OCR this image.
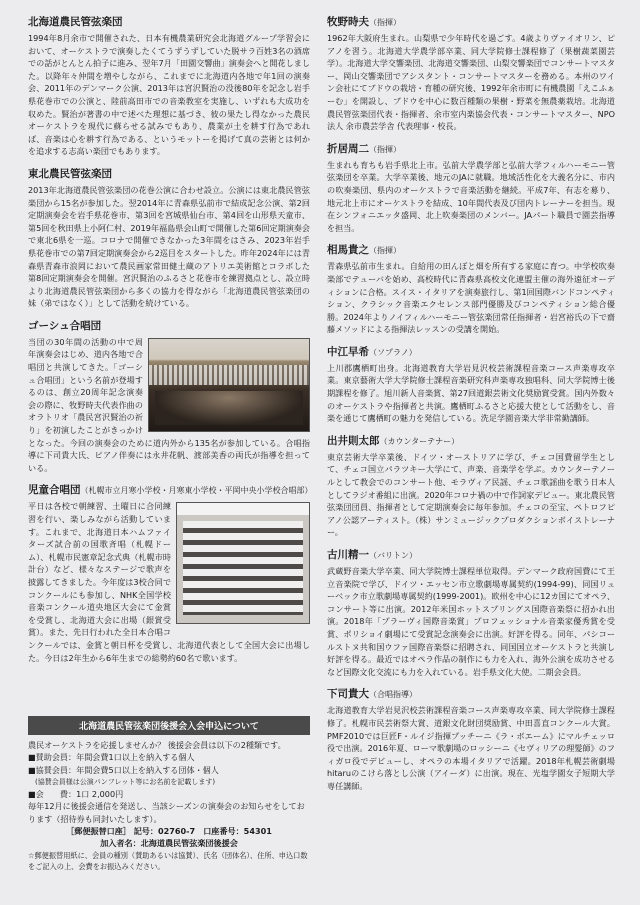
北海道農民管弦楽団

1994年8月余市で開催された、日本有機農業研究会北海道グループ学習会において、オーケストラで演奏したくてうずうずしていた脱サラ百姓3名の酒席での話がとんとん拍子に進み、翌年7月「田園交響曲」演奏会へと開花しました。以降年々仲間を増やしながら、これまでに北海道内各地で年1回の演奏会、2011年のデンマーク公演、2013年は宮沢賢治の没後80年を記念し岩手県花巻市での公演と、陸前高田市での音楽教室を実施し、いずれも大成功を収めた。賢治が著書の中で述べた理想に基づき、彼の果たし得なかった農民オーケストラを現代に蘇らせる試みでもあり、農業が土を耕す行為であれば、音楽は心を耕す行為である、というモットーを掲げて真の芸術とは何かを追求する志高い楽団でもあります。

東北農民管弦楽団

2013年北海道農民管弦楽団の花巻公演に合わせ設立。公演には東北農民管弦楽団から15名が参加した。翌2014年に青森県弘前市で結成記念公演、第2回定期演奏会を岩手県花巻市、第3回を宮城県仙台市、第4回を山形県天童市、第5回を秋田県上小阿仁村、2019年福島県会山町で開催した第6回定期演奏会で東北6県を一巡。コロナで開催できなかった3年間をはさみ、2023年岩手県花巻市での第7回定期演奏会から2巡目をスタートした。昨年2024年には青森県青森市浪岡において農民画家常田健土蔵のアトリエ美術館とコラボした第8回定期演奏会を開催。宮沢賢治のふるさと花巻市を練習拠点とし、設立時より北海道農民管弦楽団から多くの協力を得ながら「北海道農民管弦楽団の妹（弟ではなく）」として活動を続けている。

ゴーシュ合唱団

当団の30年間の活動の中で周年演奏会はじめ、道内各地で合唱団と共演してきた。「ゴーシュ合唱団」という名前が登場するのは、創立20周年記念演奏会の際に、牧野時夫代表作曲のオラトリオ「農民宮沢賢治の祈り」を初演したことがきっかけとなった。今回の演奏会のために道内外から135名が参加している。合唱指導に下司貴大氏、ピアノ伴奏には永井花帆、渡部美香の両氏が指導を担っている。

児童合唱団（札幌市立月寒小学校・月寒東小学校・平岡中央小学校合唱部）

平日は各校で朝練習、土曜日に合同練習を行い、楽しみながら活動しています。これまで、北海道日本ハムファイターズ試合前の国歌斉唱（札幌ドーム）、札幌市民憲章記念式典（札幌市時計台）など、様々なステージで歌声を披露してきました。今年度は3校合同でコンクールにも参加し、NHK全国学校音楽コンクール道央地区大会にて金賞を受賞し、北海道大会に出場（銀賞受賞）。また、先日行われた全日本合唱コンクールでは、金賞と朝日杯を受賞し、北海道代表として全国大会に出場した。今日は2年生から6年生までの総勢約60名で歌います。

北海道農民管弦楽団後援会入会申込について

農民オーケストラを応援しませんか？ 後援会会員は以下の2種類です。

■賛助会員：年間会費1口以上を納入する個人

■協賛会員：年間会費5口以上を納入する団体・個人

　(協賛会員様は公演パンフレット等にお名前を記載します)

■会　　費：1口 2,000円

毎年12月に後援会通信を発送し、当該シーズンの演奏会のお知らせをしております（招待券も同封いたします）。

［郵便振替口座］ 記号：02760-7　口座番号：54301

加入者名：北海道農民管弦楽団後援会

☆郵便振替用紙に、会員の種別（賛助あるいは協賛）、氏名（団体名）、住所、申込口数をご記入の上、会費をお振込みください。

牧野時夫（指揮）

1962年大阪府生まれ。山梨県で少年時代を過ごす。4歳よりヴァイオリン、ピアノを習う。北海道大学農学部卒業、同大学院修士課程修了（果樹蔬菜園芸学）。北海道大学交響楽団、北海道交響楽団、山梨交響楽団でコンサートマスター、岡山交響楽団でアシスタント・コンサートマスターを務める。本州のワイン会社にてブドウの栽培・育種の研究後、1992年余市町に有機農園「えこふぁーむ」を開設し、ブドウを中心に数百種類の果樹・野菜を無農薬栽培。北海道農民管弦楽団代表・指揮者、余市室内楽協会代表・コンサートマスター、NPO法人 余市農芸学舎 代表理事・校長。

折居周二（指揮）

生まれも育ちも岩手県北上市。弘前大学農学部と弘前大学フィルハーモニー管弦楽団を卒業。大学卒業後、地元のJAに就職。地域活性化を大義名分に、市内の吹奏楽団、県内のオーケストラで音楽活動を継続。平成7年、有志を募り、地元北上市にオーケストラを結成、10年間代表及び団内トレーナーを担当。現在シンフォニエッタ盛岡、北上吹奏楽団のメンバー。JAパート職員で園芸指導を担当。

相馬貴之（指揮）

青森県弘前市生まれ。自給用の田んぼと畑を所有する家庭に育つ。中学校吹奏楽部でテューバを始め、高校時代に青森県高校文化連盟主催の海外遠征オーディションに合格。スイス・イタリアを演奏旅行し、第1回国際バンドコンペティション、クラシック音楽エクセレンス部門優勝及びコンペティション総合優勝。2024年よりノイフィルハーモニー管弦楽団常任指揮者・岩宮裕氏の下で齋藤メソッドによる指揮法レッスンの受講を開始。

中江早希（ソプラノ）

上川郡鷹栖町出身。北海道教育大学岩見沢校芸術課程音楽コース声楽専攻卒業。東京藝術大学大学院修士課程音楽研究科声楽専攻独唱科、同大学院博士後期課程を修了。旭川新人音楽賞、第27回道銀芸術文化奨励賞受賞。国内外数々のオーケストラや指揮者と共演。鷹栖町ふるさと応援大使として活動をし、音楽を通じて鷹栖町の魅力を発信している。洗足学園音楽大学非常勤講師。

出井則太郎（カウンターテナー）

東京芸術大学卒業後、ドイツ・オーストリアに学び、チェコ国費留学生として、チェコ国立パラツキー大学にて、声楽、音楽学を学ぶ。カウンターテノールとして教会でのコンサート他、モラヴィア民謡、チェコ歌謡曲を歌う日本人としてラジオ番組に出演。2020年コロナ禍の中で作詞家デビュー。東北農民管弦楽団団員、指揮者として定期演奏会に毎年参加。チェコの至宝、ペトロフピアノ公認アーティスト。（株）サンミュージックプロダクションボイストレーナー。

古川精一（バリトン）

武蔵野音楽大学卒業、同大学院博士課程単位取得。デンマーク政府国費にて王立音楽院で学び、ドイツ・エッセン市立歌劇場専属契約(1994-99)、同国リューベック市立歌劇場専属契約(1999-2001)。欧州を中心に12カ国にてオペラ、コンサート等に出演。2012年米国ホットスプリングス国際音楽祭に招かれ出演。2018年「プラーヴィ国際音楽賞」プロフェッショナル音楽家優秀賞を受賞、ポリショイ劇場にて受賞記念演奏会に出演。好評を得る。同年、パシコールストヌ共和国ウファ国際音楽祭に招聘され、同国国立オーケストラと共演し好評を得る。最近ではオペラ作品の制作にも力を入れ、海外公演を成功させるなど国際文化交流にも力を入れている。岩手県文化大使。二期会会員。

下司貴大（合唱指導）

北海道教育大学岩見沢校芸術課程音楽コース声楽専攻卒業、同大学院修士課程修了。札幌市民芸術祭大賞、道銀文化財団奨励賞、中田喜直コンクール大賞。PMF2010では巨匠F・ルイジ指揮プッチーニ《ラ・ボエーム》にマルチェッロ役で出演。2016年夏、ローマ歌劇場のロッシーニ《セヴィリアの理髪師》のフィガロ役でデビューし、オペラの本場イタリアで活躍。2018年札幌芸術劇場hitaruのこけら落とし公演（アイーダ）に出演。現在、光塩学園女子短期大学専任講師。
